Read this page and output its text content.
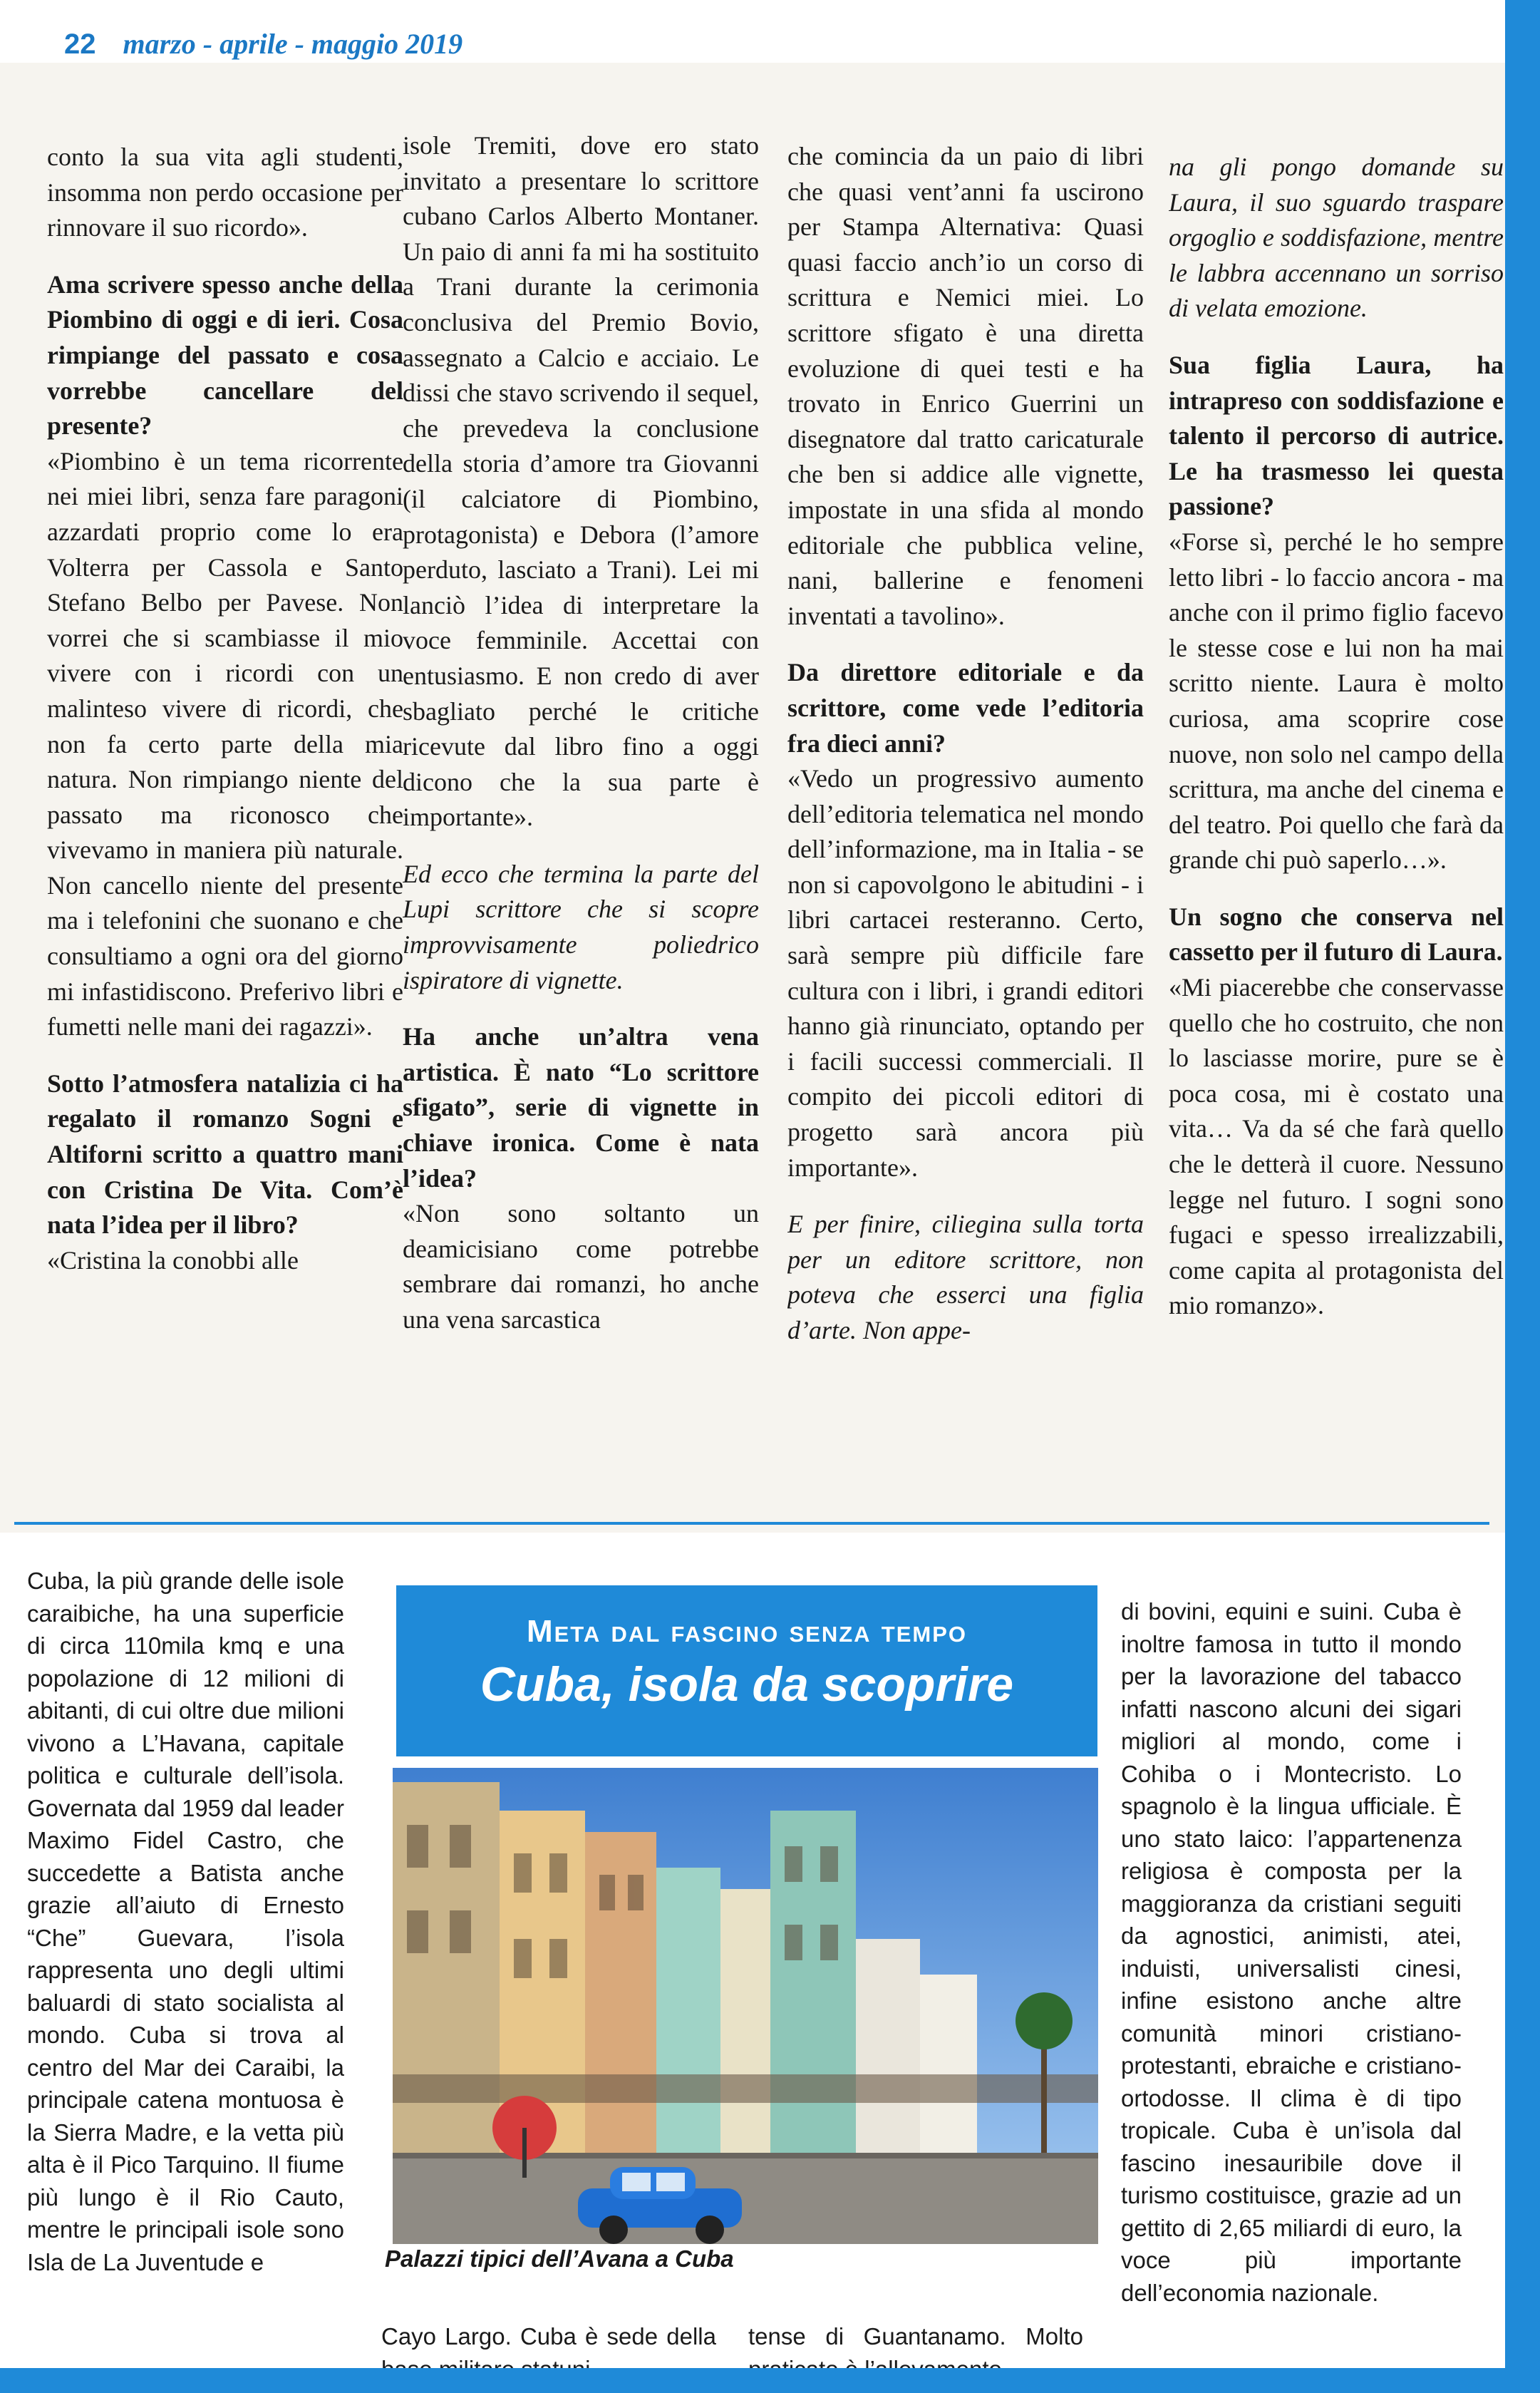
22 marzo - aprile - maggio 2019

conto la sua vita agli studenti, insomma non perdo occasione per rinnovare il suo ricordo».

Ama scrivere spesso anche della Piombino di oggi e di ieri. Cosa rimpiange del passato e cosa vorrebbe cancellare del presente?

«Piombino è un tema ricorrente nei miei libri, senza fare paragoni azzardati proprio come lo era Volterra per Cassola e Santo Stefano Belbo per Pavese. Non vorrei che si scambiasse il mio vivere con i ricordi con un malinteso vivere di ricordi, che non fa certo parte della mia natura. Non rimpiango niente del passato ma riconosco che vivevamo in maniera più naturale. Non cancello niente del presente ma i telefonini che suonano e che consultiamo a ogni ora del giorno mi infastidiscono. Preferivo libri e fumetti nelle mani dei ragazzi».

Sotto l’atmosfera natalizia ci ha regalato il romanzo Sogni e Altiforni scritto a quattro mani con Cristina De Vita. Com’è nata l’idea per il libro?

«Cristina la conobbi alle

isole Tremiti, dove ero stato invitato a presentare lo scrittore cubano Carlos Alberto Montaner. Un paio di anni fa mi ha sostituito a Trani durante la cerimonia conclusiva del Premio Bovio, assegnato a Calcio e acciaio. Le dissi che stavo scrivendo il sequel, che prevedeva la conclusione della storia d’amore tra Giovanni (il calciatore di Piombino, protagonista) e Debora (l’amore perduto, lasciato a Trani). Lei mi lanciò l’idea di interpretare la voce femminile. Accettai con entusiasmo. E non credo di aver sbagliato perché le critiche ricevute dal libro fino a oggi dicono che la sua parte è importante».

Ed ecco che termina la parte del Lupi scrittore che si scopre improvvisamente poliedrico ispiratore di vignette.

Ha anche un’altra vena artistica. È nato “Lo scrittore sfigato”, serie di vignette in chiave ironica. Come è nata l’idea?

«Non sono soltanto un deamicisiano come potrebbe sembrare dai romanzi, ho anche una vena sarcastica

che comincia da un paio di libri che quasi vent’anni fa uscirono per Stampa Alternativa: Quasi quasi faccio anch’io un corso di scrittura e Nemici miei. Lo scrittore sfigato è una diretta evoluzione di quei testi e ha trovato in Enrico Guerrini un disegnatore dal tratto caricaturale che ben si addice alle vignette, impostate in una sfida al mondo editoriale che pubblica veline, nani, ballerine e fenomeni inventati a tavolino».

Da direttore editoriale e da scrittore, come vede l’editoria fra dieci anni?

«Vedo un progressivo aumento dell’editoria telematica nel mondo dell’informazione, ma in Italia - se non si capovolgono le abitudini - i libri cartacei resteranno. Certo, sarà sempre più difficile fare cultura con i libri, i grandi editori hanno già rinunciato, optando per i facili successi commerciali. Il compito dei piccoli editori di progetto sarà ancora più importante».

E per finire, ciliegina sulla torta per un editore scrittore, non poteva che esserci una figlia d’arte. Non appe-

na gli pongo domande su Laura, il suo sguardo traspare orgoglio e soddisfazione, mentre le labbra accennano un sorriso di velata emozione.

Sua figlia Laura, ha intrapreso con soddisfazione e talento il percorso di autrice. Le ha trasmesso lei questa passione?

«Forse sì, perché le ho sempre letto libri - lo faccio ancora - ma anche con il primo figlio facevo le stesse cose e lui non ha mai scritto niente. Laura è molto curiosa, ama scoprire cose nuove, non solo nel campo della scrittura, ma anche del cinema e del teatro. Poi quello che farà da grande chi può saperlo…».

Un sogno che conserva nel cassetto per il futuro di Laura.

«Mi piacerebbe che conservasse quello che ho costruito, che non lo lasciasse morire, pure se è poca cosa, mi è costato una vita… Va da sé che farà quello che le detterà il cuore. Nessuno legge nel futuro. I sogni sono fugaci e spesso irrealizzabili, come capita al protagonista del mio romanzo».

Cuba, la più grande delle isole caraibiche, ha una superficie di circa 110mila kmq e una popolazione di 12 milioni di abitanti, di cui oltre due milioni vivono a L’Havana, capitale politica e culturale dell’isola. Governata dal 1959 dal leader Maximo Fidel Castro, che succedette a Batista anche grazie all’aiuto di Ernesto “Che” Guevara, l’isola rappresenta uno degli ultimi baluardi di stato socialista al mondo. Cuba si trova al centro del Mar dei Caraibi, la principale catena montuosa è la Sierra Madre, e la vetta più alta è il Pico Tarquino. Il fiume più lungo è il Rio Cauto, mentre le principali isole sono Isla de La Juventude e
Meta dal fascino senza tempo
Cuba, isola da scoprire
Palazzi tipici dell’Avana a Cuba
Cayo Largo. Cuba è sede della tense di Guantanamo. Molto
di bovini, equini e suini. Cuba è inoltre famosa in tutto il mondo per la lavorazione del tabacco infatti nascono alcuni dei sigari migliori al mondo, come i Cohiba o i Montecristo. Lo spagnolo è la lingua ufficiale. È uno stato laico: l’appartenenza religiosa è composta per la maggioranza da cristiani seguiti da agnostici, animisti, atei, induisti, universalisti cinesi, infine esistono anche altre comunità minori cristiano-protestanti, ebraiche e cristiano-ortodosse. Il clima è di tipo tropicale. Cuba è un’isola dal fascino inesauribile dove il turismo costituisce, grazie ad un gettito di 2,65 miliardi di euro, la voce più importante dell’economia nazionale.
